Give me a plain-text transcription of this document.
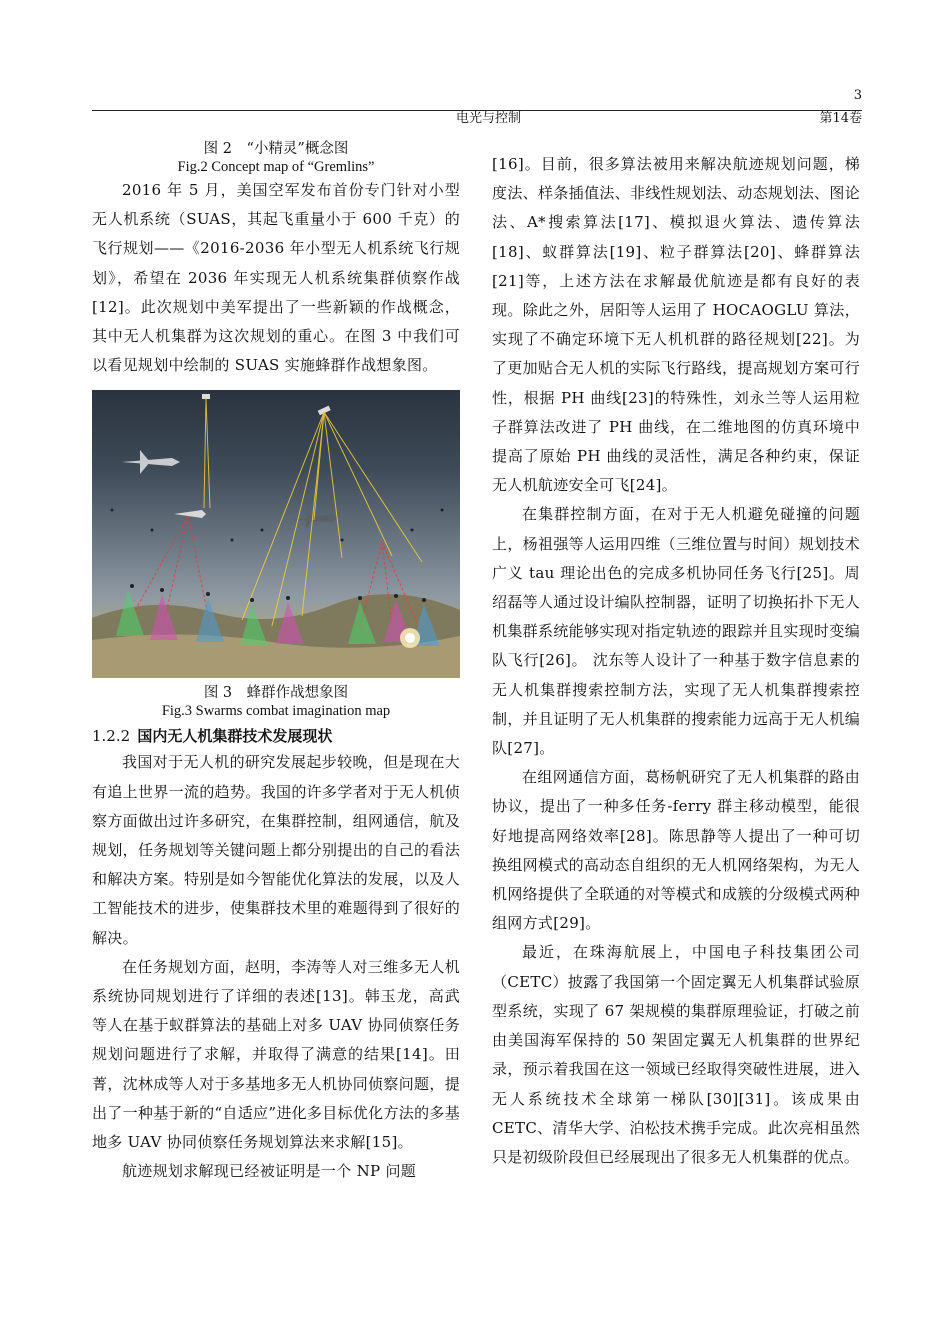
3
电光与控制	第14卷
图 2　“小精灵”概念图
Fig.2 Concept map of “Gremlins”

2016 年 5 月，美国空军发布首份专门针对小型无人机系统（SUAS，其起飞重量小于 600 千克）的飞行规划——《2016-2036 年小型无人机系统飞行规划》，希望在 2036 年实现无人机系统集群侦察作战[12]。此次规划中美军提出了一些新颖的作战概念，其中无人机集群为这次规划的重心。在图 3 中我们可以看见规划中绘制的 SUAS 实施蜂群作战想象图。

图 3　蜂群作战想象图
Fig.3 Swarms combat imagination map
1.2.2 国内无人机集群技术发展现状

我国对于无人机的研究发展起步较晚，但是现在大有追上世界一流的趋势。我国的许多学者对于无人机侦察方面做出过许多研究，在集群控制，组网通信，航及规划，任务规划等关键问题上都分别提出的自己的看法和解决方案。特别是如今智能优化算法的发展，以及人工智能技术的进步，使集群技术里的难题得到了很好的解决。

在任务规划方面，赵明，李涛等人对三维多无人机系统协同规划进行了详细的表述[13]。韩玉龙，高武等人在基于蚁群算法的基础上对多 UAV 协同侦察任务规划问题进行了求解，并取得了满意的结果[14]。田菁，沈林成等人对于多基地多无人机协同侦察问题，提出了一种基于新的“自适应”进化多目标优化方法的多基地多 UAV 协同侦察任务规划算法来求解[15]。

航迹规划求解现已经被证明是一个 NP 问题

[16]。目前，很多算法被用来解决航迹规划问题，梯度法、样条插值法、非线性规划法、动态规划法、图论法、A*搜索算法[17]、模拟退火算法、遗传算法[18]、蚁群算法[19]、粒子群算法[20]、蜂群算法[21]等，上述方法在求解最优航迹是都有良好的表现。除此之外，居阳等人运用了 HOCAOGLU 算法，实现了不确定环境下无人机机群的路径规划[22]。为了更加贴合无人机的实际飞行路线，提高规划方案可行性，根据 PH 曲线[23]的特殊性，刘永兰等人运用粒子群算法改进了 PH 曲线，在二维地图的仿真环境中提高了原始 PH 曲线的灵活性，满足各种约束，保证无人机航迹安全可飞[24]。

在集群控制方面，在对于无人机避免碰撞的问题上，杨祖强等人运用四维（三维位置与时间）规划技术广义 tau 理论出色的完成多机协同任务飞行[25]。周绍磊等人通过设计编队控制器，证明了切换拓扑下无人机集群系统能够实现对指定轨迹的跟踪并且实现时变编队飞行[26]。 沈东等人设计了一种基于数字信息素的无人机集群搜索控制方法，实现了无人机集群搜索控制，并且证明了无人机集群的搜索能力远高于无人机编队[27]。

在组网通信方面，葛杨帆研究了无人机集群的路由协议，提出了一种多任务-ferry 群主移动模型，能很好地提高网络效率[28]。陈思静等人提出了一种可切换组网模式的高动态自组织的无人机网络架构，为无人机网络提供了全联通的对等模式和成簇的分级模式两种组网方式[29]。

最近，在珠海航展上，中国电子科技集团公司（CETC）披露了我国第一个固定翼无人机集群试验原型系统，实现了 67 架规模的集群原理验证，打破之前由美国海军保持的 50 架固定翼无人机集群的世界纪录，预示着我国在这一领域已经取得突破性进展，进入无人系统技术全球第一梯队[30][31]。该成果由 CETC、清华大学、泊松技术携手完成。此次亮相虽然只是初级阶段但已经展现出了很多无人机集群的优点。
